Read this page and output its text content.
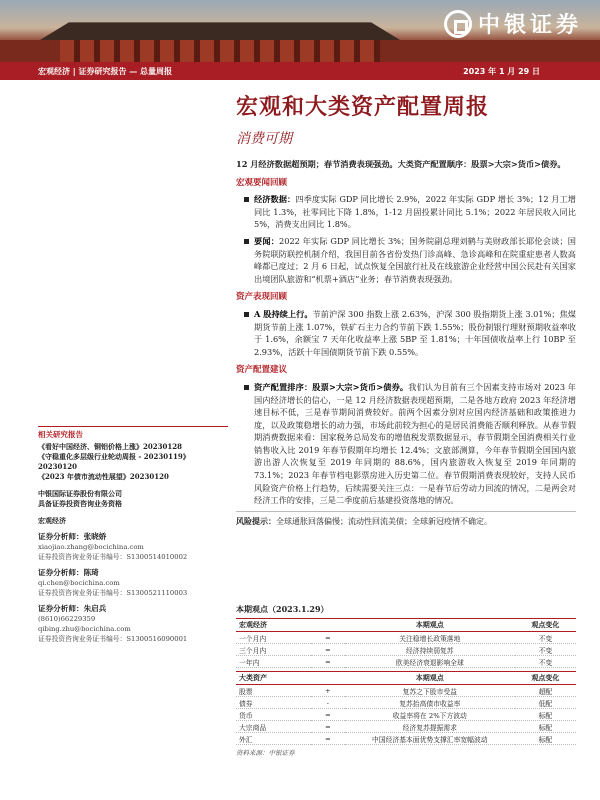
中银证券
宏观经济 | 证券研究报告 — 总量周报	2023 年 1 月 29 日
宏观和大类资产配置周报
消费可期
12 月经济数据超预期；春节消费表现强劲。大类资产配置顺序：股票>大宗>货币>债券。
宏观要闻回顾
经济数据：四季度实际 GDP 同比增长 2.9%，2022 年实际 GDP 增长 3%；12 月工增同比 1.3%，社零同比下降 1.8%，1-12 月固投累计同比 5.1%；2022 年居民收入同比 5%，消费支出同比 1.8%。
要闻：2022 年实际 GDP 同比增长 3%；国务院副总理刘鹤与美财政部长耶伦会谈；国务院联防联控机制介绍，我国目前各省份发热门诊高峰、急诊高峰和在院重症患者人数高峰都已度过；2 月 6 日起，试点恢复全国旅行社及在线旅游企业经营中国公民赴有关国家出境团队旅游和“机票+酒店”业务；春节消费表现强劲。
资产表现回顾
A 股持续上行。节前沪深 300 指数上涨 2.63%，沪深 300 股指期货上涨 3.01%；焦煤期货节前上涨 1.07%，铁矿石主力合约节前下跌 1.55%；股份制银行理财预期收益率收于 1.6%，余额宝 7 天年化收益率上涨 5BP 至 1.81%；十年国债收益率上行 10BP 至 2.93%，活跃十年国债期货节前下跌 0.55%。
资产配置建议
资产配置排序：股票>大宗>货币>债券。我们认为目前有三个因素支持市场对 2023 年国内经济增长的信心，一是 12 月经济数据表现超预期，二是各地方政府 2023 年经济增速目标不低，三是春节期间消费较好。前两个因素分别对应国内经济基础和政策推进力度，以及政策稳增长的动力强，市场此前较为担心的是居民消费能否顺利释放。从春节假期消费数据来看：国家税务总局发布的增值税发票数据显示，春节假期全国消费相关行业销售收入比 2019 年春节假期年均增长 12.4%；文旅部测算，今年春节假期全国国内旅游出游人次恢复至 2019 年同期的 88.6%，国内旅游收入恢复至 2019 年同期的 73.1%；2023 年春节档电影票房进入历史第二位。春节假期消费表现较好，支持人民币风险资产价格上行趋势，后续需要关注三点：一是春节后劳动力回流的情况，二是两会对经济工作的安排，三是二季度前后基建投资落地的情况。
风险提示：全球通胀回落偏慢；流动性回流美债；全球新冠疫情不确定。
相关研究报告
《看好中国经济、铜铝价格上涨》20230128
《守稳重化多层级行业轮动周报 - 20230119》20230120
《2023 年债市流动性展望》20230120
中银国际证券股份有限公司
具备证券投资咨询业务资格
宏观经济
证券分析师：张晓娇
xiaojiao.zhang@bocichina.com
证券投资咨询业务证书编号：S1300514010002
证券分析师：陈琦
qi.chen@bocichina.com
证券投资咨询业务证书编号：S1300521110003
证券分析师：朱启兵
(8610)66229359
qibing.zhu@bocichina.com
证券投资咨询业务证书编号：S1300516090001
本期观点（2023.1.29）
宏观经济		本期观点	观点变化
一个月内	=	关注稳增长政策落地	不变
三个月内	=	经济持续弱复苏	不变
一年内	=	欧美经济衰退影响全球	不变
大类资产		本期观点	观点变化
股票	+	复苏之下股市受益	超配
债券	-	复苏抬高债市收益率	低配
货币	=	收益率将在 2%下方波动	标配
大宗商品	=	经济复苏提振需求	标配
外汇	=	中国经济基本面优势支撑汇率宽幅波动	标配
资料来源：中银证券
